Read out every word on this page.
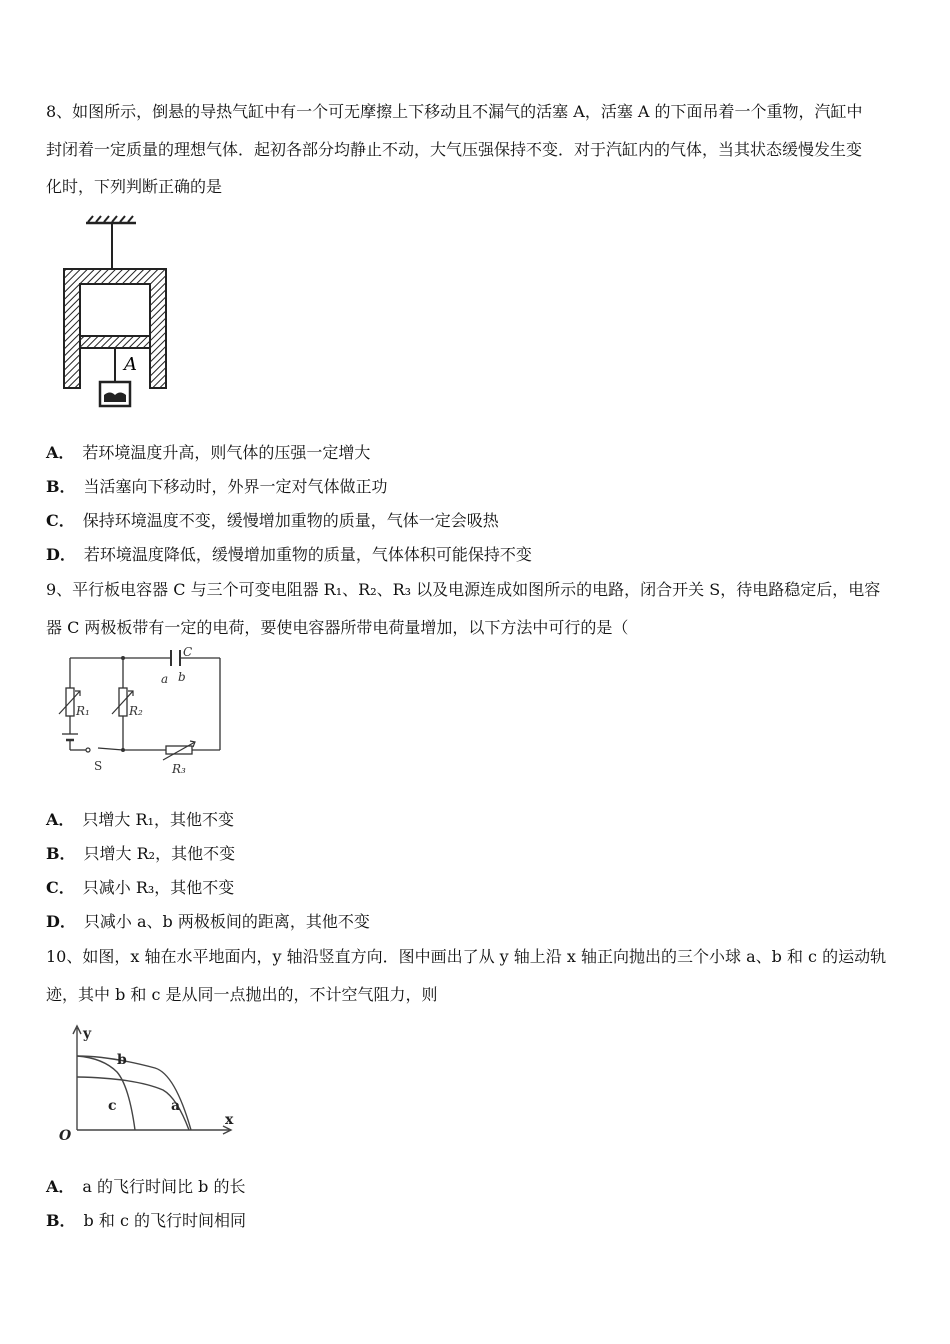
8、如图所示，倒悬的导热气缸中有一个可无摩擦上下移动且不漏气的活塞 A，活塞 A 的下面吊着一个重物，汽缸中
封闭着一定质量的理想气体．起初各部分均静止不动，大气压强保持不变．对于汽缸内的气体，当其状态缓慢发生变
化时，下列判断正确的是
A
A． 若环境温度升高，则气体的压强一定增大
B． 当活塞向下移动时，外界一定对气体做正功
C． 保持环境温度不变，缓慢增加重物的质量，气体一定会吸热
D． 若环境温度降低，缓慢增加重物的质量，气体体积可能保持不变
9、平行板电容器 C 与三个可变电阻器 R₁、R₂、R₃ 以及电源连成如图所示的电路，闭合开关 S，待电路稳定后，电容
器 C 两极板带有一定的电荷，要使电容器所带电荷量增加，以下方法中可行的是（
C
a b
R₁	R₂
R₃
S
A． 只增大 R₁，其他不变
B． 只增大 R₂，其他不变
C． 只减小 R₃，其他不变
D． 只减小 a、b 两极板间的距离，其他不变
10、如图，x 轴在水平地面内，y 轴沿竖直方向．图中画出了从 y 轴上沿 x 轴正向抛出的三个小球 a、b 和 c 的运动轨
迹，其中 b 和 c 是从同一点抛出的，不计空气阻力，则
y
x
O
b
c	a
A． a 的飞行时间比 b 的长
B． b 和 c 的飞行时间相同
